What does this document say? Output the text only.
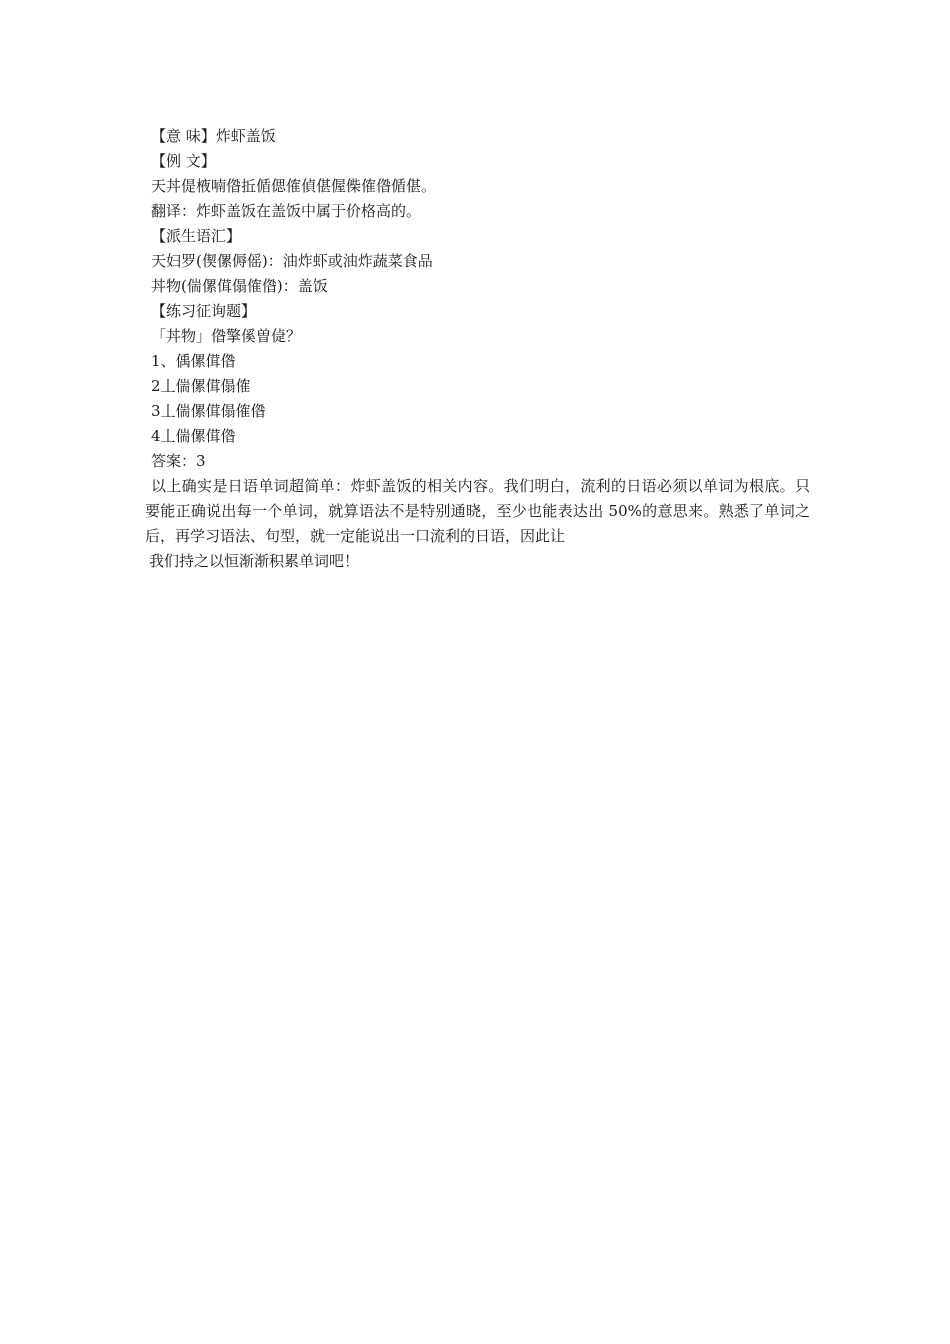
【意 味】炸虾盖饭
【例 文】
天丼偍棭喃偺拞偱偲傕偵偡偓偨傕偺偱偡。
翻译：炸虾盖饭在盖饭中属于价格高的。
【派生语汇】
天妇罗(偰傫傉傜)：油炸虾或油炸蔬菜食品
丼物(偳傫傇傝傕偺)：盖饭
【练习征询题】
「丼物」偺擎傒曽偼？
1、偊傫傇偺
2丄偳傫傇傝傕
3丄偳傫傇傝傕偺
4丄偳傫傇偺
答案：3

以上确实是日语单词超简单：炸虾盖饭的相关内容。我们明白，流利的日语必须以单词为根底。只要能正确说出每一个单词，就算语法不是特别通晓，至少也能表达出 50%的意思来。熟悉了单词之后，再学习语法、句型，就一定能说出一口流利的日语，因此让

我们持之以恒渐渐积累单词吧！
